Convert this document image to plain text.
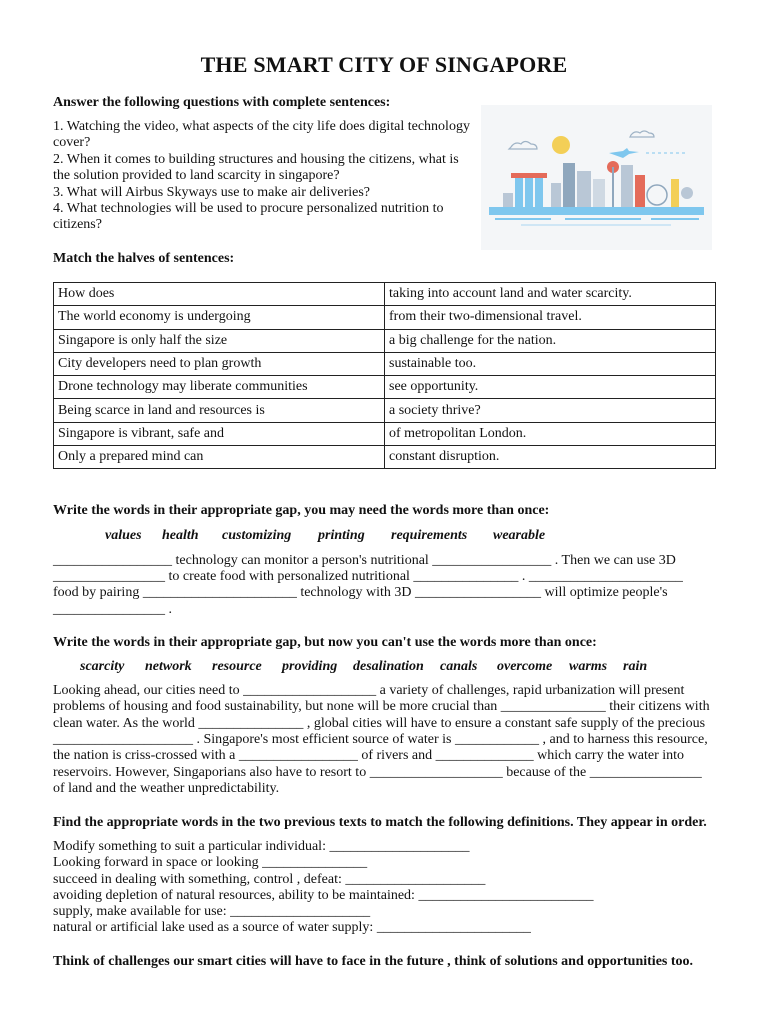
THE SMART CITY OF SINGAPORE
Answer the following questions with complete sentences:

1. Watching the video, what aspects of the city life does digital technology

cover?

2. When it comes to building structures and housing the citizens, what is

the solution provided to land scarcity in singapore?

3. What will Airbus Skyways use to make air deliveries?

4. What technologies will be used to procure personalized nutrition to

citizens?

Match the halves of sentences:
How does	taking into account land and water scarcity.
The world economy is undergoing	from their two-dimensional travel.
Singapore is only half the size	a big challenge for the nation.
City developers need to plan growth	sustainable too.
Drone technology may liberate communities	see opportunity.
Being scarce in land and resources is	a society thrive?
Singapore is vibrant, safe and	of metropolitan London.
Only a prepared mind can	constant disruption.
Write the words in their appropriate gap, you may need the words more than once:
values health customizing printing requirements wearable
_________________ technology can monitor a person's nutritional _________________ . Then we can use 3D
________________ to create food with personalized nutritional _______________ . ______________________
food by pairing ______________________ technology with 3D __________________ will optimize people's
________________ .
Write the words in their appropriate gap, but now you can't use the words more than once:
scarcity network resource providing desalination canals overcome warms rain
Looking ahead, our cities need to ___________________ a variety of challenges, rapid urbanization will present
problems of housing and food sustainability, but none will be more crucial than _______________ their citizens with
clean water. As the world _______________ , global cities will have to ensure a constant safe supply of the precious
____________________ . Singapore's most efficient source of water is ____________ , and to harness this resource,
the nation is criss-crossed with a _________________ of rivers and ______________ which carry the water into
reservoirs. However, Singaporians also have to resort to ___________________ because of the ________________
of land and the weather unpredictability.
Find the appropriate words in the two previous texts to match the following definitions. They appear in order.
Modify something to suit a particular individual: ____________________
Looking forward in space or looking _______________
succeed in dealing with something, control , defeat: ____________________
avoiding depletion of natural resources, ability to be maintained: _________________________
supply, make available for use: ____________________
natural or artificial lake used as a source of water supply: ______________________
Think of challenges our smart cities will have to face in the future , think of solutions and opportunities too.
